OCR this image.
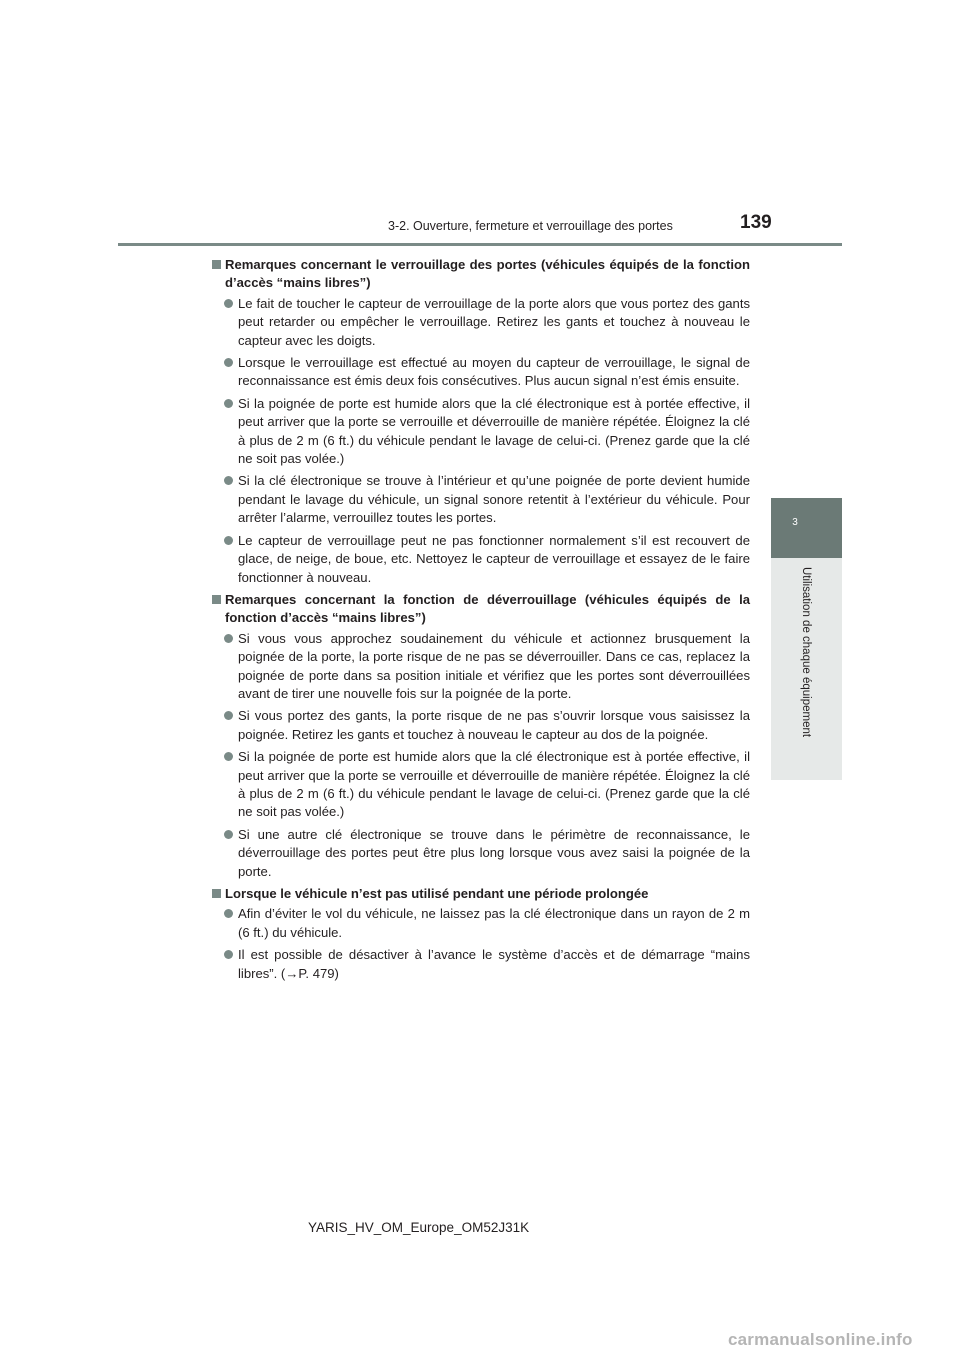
3-2. Ouverture, fermeture et verrouillage des portes	139
3
Utilisation de chaque équipement
Remarques concernant le verrouillage des portes (véhicules équipés de la fonction d’accès “mains libres”)
Le fait de toucher le capteur de verrouillage de la porte alors que vous portez des gants peut retarder ou empêcher le verrouillage. Retirez les gants et touchez à nouveau le capteur avec les doigts.
Lorsque le verrouillage est effectué au moyen du capteur de verrouillage, le signal de reconnaissance est émis deux fois consécutives. Plus aucun signal n’est émis ensuite.
Si la poignée de porte est humide alors que la clé électronique est à portée effective, il peut arriver que la porte se verrouille et déverrouille de manière répétée. Éloignez la clé à plus de 2 m (6 ft.) du véhicule pendant le lavage de celui-ci. (Prenez garde que la clé ne soit pas volée.)
Si la clé électronique se trouve à l’intérieur et qu’une poignée de porte devient humide pendant le lavage du véhicule, un signal sonore retentit à l’extérieur du véhicule. Pour arrêter l’alarme, verrouillez toutes les portes.
Le capteur de verrouillage peut ne pas fonctionner normalement s’il est recouvert de glace, de neige, de boue, etc. Nettoyez le capteur de verrouillage et essayez de le faire fonctionner à nouveau.
Remarques concernant la fonction de déverrouillage (véhicules équipés de la fonction d’accès “mains libres”)
Si vous vous approchez soudainement du véhicule et actionnez brusquement la poignée de la porte, la porte risque de ne pas se déverrouiller. Dans ce cas, replacez la poignée de porte dans sa position initiale et vérifiez que les portes sont déverrouillées avant de tirer une nouvelle fois sur la poignée de la porte.
Si vous portez des gants, la porte risque de ne pas s’ouvrir lorsque vous saisissez la poignée. Retirez les gants et touchez à nouveau le capteur au dos de la poignée.
Si la poignée de porte est humide alors que la clé électronique est à portée effective, il peut arriver que la porte se verrouille et déverrouille de manière répétée. Éloignez la clé à plus de 2 m (6 ft.) du véhicule pendant le lavage de celui-ci. (Prenez garde que la clé ne soit pas volée.)
Si une autre clé électronique se trouve dans le périmètre de reconnaissance, le déverrouillage des portes peut être plus long lorsque vous avez saisi la poignée de la porte.
Lorsque le véhicule n’est pas utilisé pendant une période prolongée
Afin d’éviter le vol du véhicule, ne laissez pas la clé électronique dans un rayon de 2 m (6 ft.) du véhicule.
Il est possible de désactiver à l’avance le système d’accès et de démarrage “mains libres”. (→P. 479)
YARIS_HV_OM_Europe_OM52J31K
carmanualsonline.info
